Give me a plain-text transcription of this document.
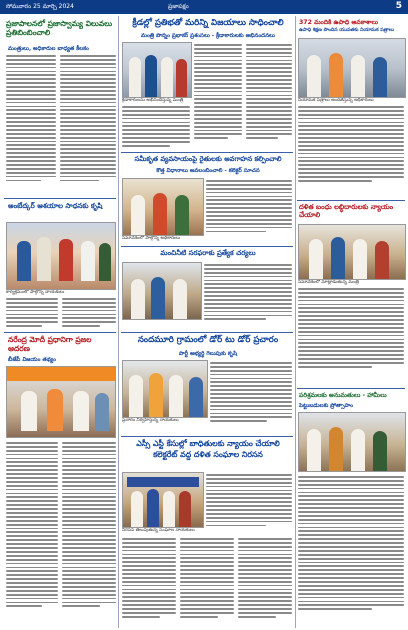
సోమవారం 25 మార్చి 2024	ప్రజాపక్షం	5
ప్రజాపాలనలో ప్రజాస్వామ్య విలువలు ప్రతిబింబించాలి
మంత్రులు, అధికారుల బాధ్యత కీలకం
అంబేద్కర్ ఆశయాల సాధనకు కృషి
కార్యక్రమంలో పాల్గొన్న నాయకులు
నరేంద్ర మోదీ ప్రధానిగా ప్రజల ఆదరణ
బీజేపీ విజయం తథ్యం
క్రీడల్లో ప్రతిభతో మరిన్ని విజయాలు సాధించాలి
మంత్రి పొన్నం ప్రభాకర్ ప్రశంసలు - క్రీడాకారులకు అభినందనలు
క్రీడాకారులను అభినందిస్తున్న మంత్రి
సమీకృత వ్యవసాయంపై రైతులకు అవగాహన కల్పించాలి
కొత్త విధానాలు అవలంబించాలి - కలెక్టర్ సూచన
సమావేశంలో పాల్గొన్న అధికారులు
మంచినీటి సరఫరాకు ప్రత్యేక చర్యలు
నందమూరి గ్రామంలో డోర్ టు డోర్ ప్రచారం
పార్టీ అభ్యర్థి గెలుపుకు కృషి
ప్రచారం నిర్వహిస్తున్న నాయకులు
ఎస్సీ ఎస్టీ కేసుల్లో బాధితులకు న్యాయం చేయాలి
కలెక్టరేట్ వద్ద దళిత సంఘాల నిరసన
నిరసన తెలుపుతున్న సంఘాల నాయకులు
372 మందికి ఉపాధి అవకాశాలు
ఉపాధి శిక్షణ పొందిన యువతకు నియామక పత్రాలు
నియామక పత్రాలు అందజేస్తున్న అధికారులు
దళిత బంధు లబ్ధిదారులకు న్యాయం చేయాలి
సమావేశంలో మాట్లాడుతున్న మంత్రి
పరిశ్రమలకు అనుమతులు - హామీలు
పెట్టుబడులకు ప్రోత్సాహం
